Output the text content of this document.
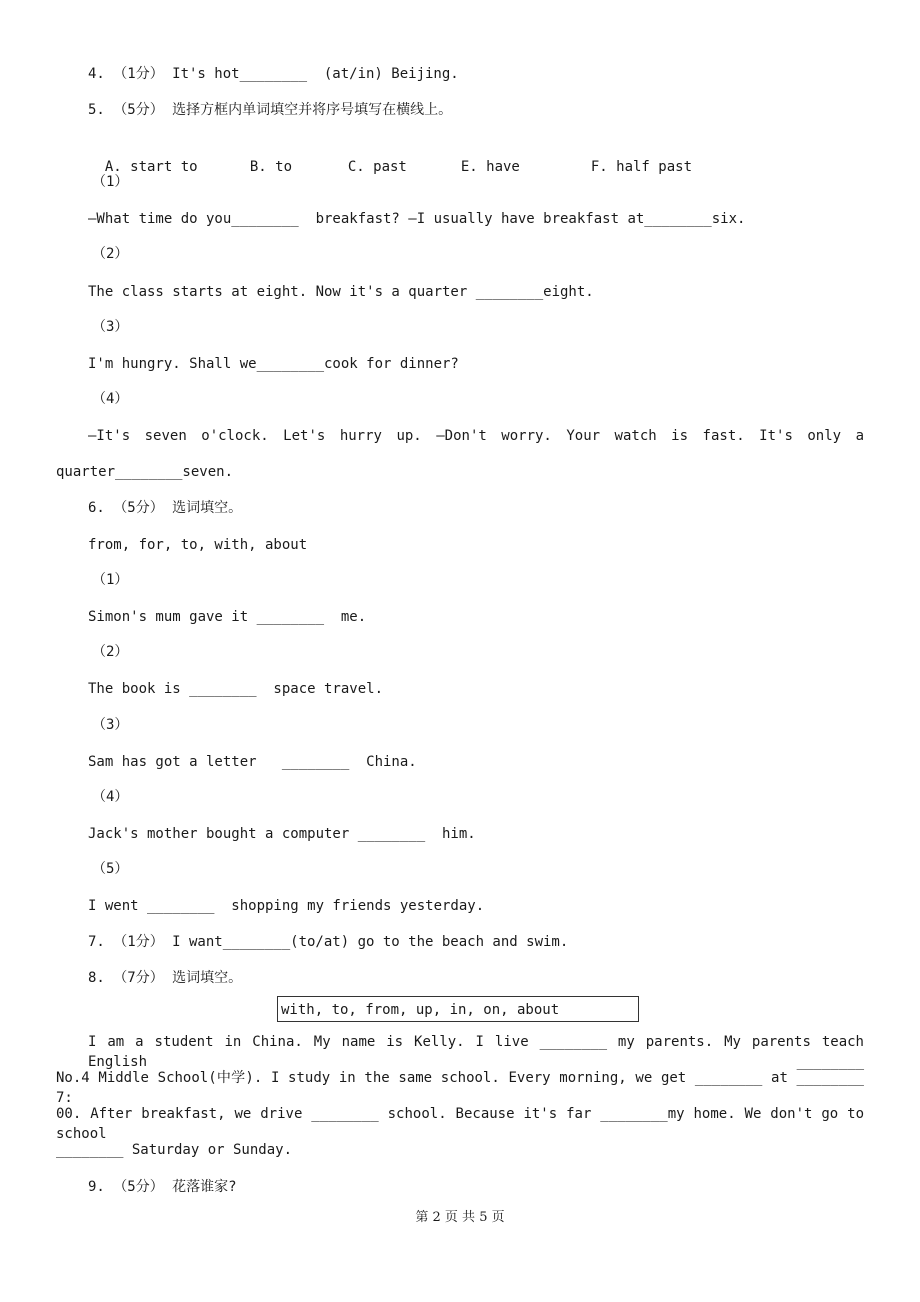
4. （1分） It's hot________  (at/in) Beijing.
5. （5分） 选择方框内单词填空并将序号填写在横线上。

A. start to	B. to	C. past	E. have	F. half past

（1）
—What time do you________  breakfast? —I usually have breakfast at________six.
（2）
The class starts at eight. Now it's a quarter ________eight.
（3）
I'm hungry. Shall we________cook for dinner?
（4）
—It's seven o'clock. Let's hurry up. —Don't worry. Your watch is fast. It's only a
quarter________seven.
6. （5分） 选词填空。
from, for, to, with, about
（1）
Simon's mum gave it ________  me.
（2）
The book is ________  space travel.
（3）
Sam has got a letter   ________  China.
（4）
Jack's mother bought a computer ________  him.
（5）
I went ________  shopping my friends yesterday.
7. （1分） I want________(to/at) go to the beach and swim.
8. （7分） 选词填空。
with, to, from, up, in, on, about
I am a student in China. My name is Kelly. I live ________ my parents. My parents teach English ________
No.4 Middle School(中学). I study in the same school. Every morning, we get ________ at ________ 7:
00. After breakfast, we drive ________ school. Because it's far ________my home. We don't go to school
________ Saturday or Sunday.
9. （5分） 花落谁家?
第 2 页 共 5 页
